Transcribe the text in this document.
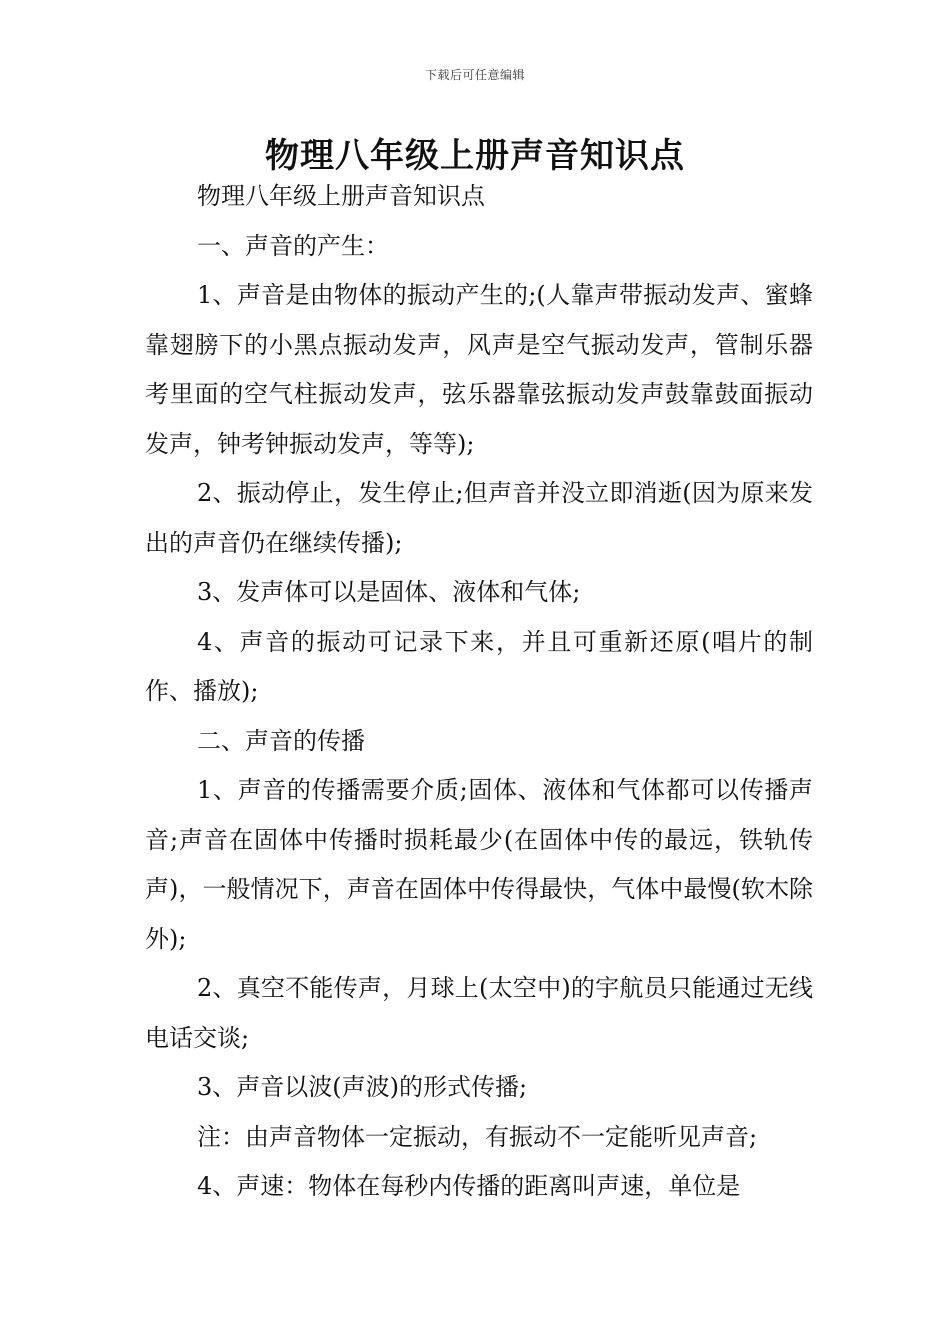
下载后可任意编辑
物理八年级上册声音知识点

物理八年级上册声音知识点

一、声音的产生：

1、声音是由物体的振动产生的;(人靠声带振动发声、蜜蜂靠翅膀下的小黑点振动发声，风声是空气振动发声，管制乐器考里面的空气柱振动发声，弦乐器靠弦振动发声鼓靠鼓面振动发声，钟考钟振动发声，等等);

2、振动停止，发生停止;但声音并没立即消逝(因为原来发出的声音仍在继续传播);

3、发声体可以是固体、液体和气体;

4、声音的振动可记录下来，并且可重新还原(唱片的制作、播放);

二、声音的传播

1、声音的传播需要介质;固体、液体和气体都可以传播声音;声音在固体中传播时损耗最少(在固体中传的最远，铁轨传声)，一般情况下，声音在固体中传得最快，气体中最慢(软木除外);

2、真空不能传声，月球上(太空中)的宇航员只能通过无线电话交谈;

3、声音以波(声波)的形式传播;

注：由声音物体一定振动，有振动不一定能听见声音;

4、声速：物体在每秒内传播的距离叫声速，单位是
